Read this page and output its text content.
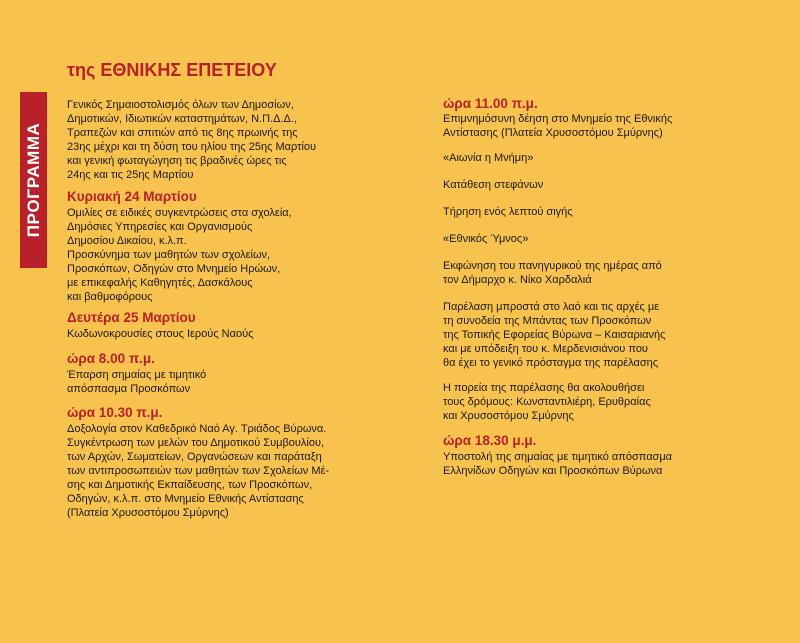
ΠΡΟΓΡΑΜΜΑ
της ΕΘΝΙΚΗΣ ΕΠΕΤΕΙΟΥ

Γενικός Σημαιοστολισμός όλων των Δημοσίων,
Δημοτικών, Ιδιωτικών καταστημάτων, Ν.Π.Δ.Δ.,
Τραπεζών και σπιτιών από τις 8ης πρωινής της
23ης μέχρι και τη δύση του ηλίου της 25ης Μαρτίου
και γενική φωταγώγηση τις βραδινές ώρες τις
24ης και τις 25ης Μαρτίου

Κυριακή 24 Μαρτίου

Ομιλίες σε ειδικές συγκεντρώσεις στα σχολεία,
Δημόσιες Υπηρεσίες και Οργανισμούς
Δημοσίου Δικαίου, κ.λ.π.
Προσκύνημα των μαθητών των σχολείων,
Προσκόπων, Οδηγών στο Μνημείο Ηρώων,
με επικεφαλής Καθηγητές, Δασκάλους
και βαθμοφόρους

Δευτέρα 25 Μαρτίου

Κωδωνοκρουσίες στους Ιερούς Ναούς

ώρα 8.00 π.μ.

Έπαρση σημαίας με τιμητικό
απόσπασμα Προσκόπων

ώρα 10.30 π.μ.

Δοξολογία στον Καθεδρικό Ναό Αγ. Τριάδος Βύρωνα.
Συγκέντρωση των μελών του Δημοτικού Συμβουλίου,
των Αρχών, Σωματείων, Οργανώσεων και παράταξη
των αντιπροσωπειών των μαθητών των Σχολείων Μέ-
σης και Δημοτικής Εκπαίδευσης, των Προσκόπων,
Οδηγών, κ.λ.π. στο Μνημείο Εθνικής Αντίστασης
(Πλατεία Χρυσοστόμου Σμύρνης)

ώρα 11.00 π.μ.

Επιμνημόσυνη δέηση στο Μνημείο της Εθνικής
Αντίστασης (Πλατεία Χρυσοστόμου Σμύρνης)

«Αιωνία η Μνήμη»

Κατάθεση στεφάνων

Τήρηση ενός λεπτού σιγής

«Εθνικός Ύμνος»

Εκφώνηση του πανηγυρικού της ημέρας από
τον Δήμαρχο κ. Νίκο Χαρδαλιά

Παρέλαση μπροστά στο λαό και τις αρχές με
τη συνοδεία της Μπάντας των Προσκόπων
της Τοπικής Εφορείας Βύρωνα – Καισαριανής
και με υπόδειξη του κ. Μερδενισιάνου που
θα έχει το γενικό πρόσταγμα της παρέλασης

Η πορεία της παρέλασης θα ακολουθήσει
τους δρόμους: Κωνσταντιλιέρη, Ερυθραίας
και Χρυσοστόμου Σμύρνης

ώρα 18.30 μ.μ.

Υποστολή της σημαίας με τιμητικό απόσπασμα
Ελληνίδων Οδηγών και Προσκόπων Βύρωνα
